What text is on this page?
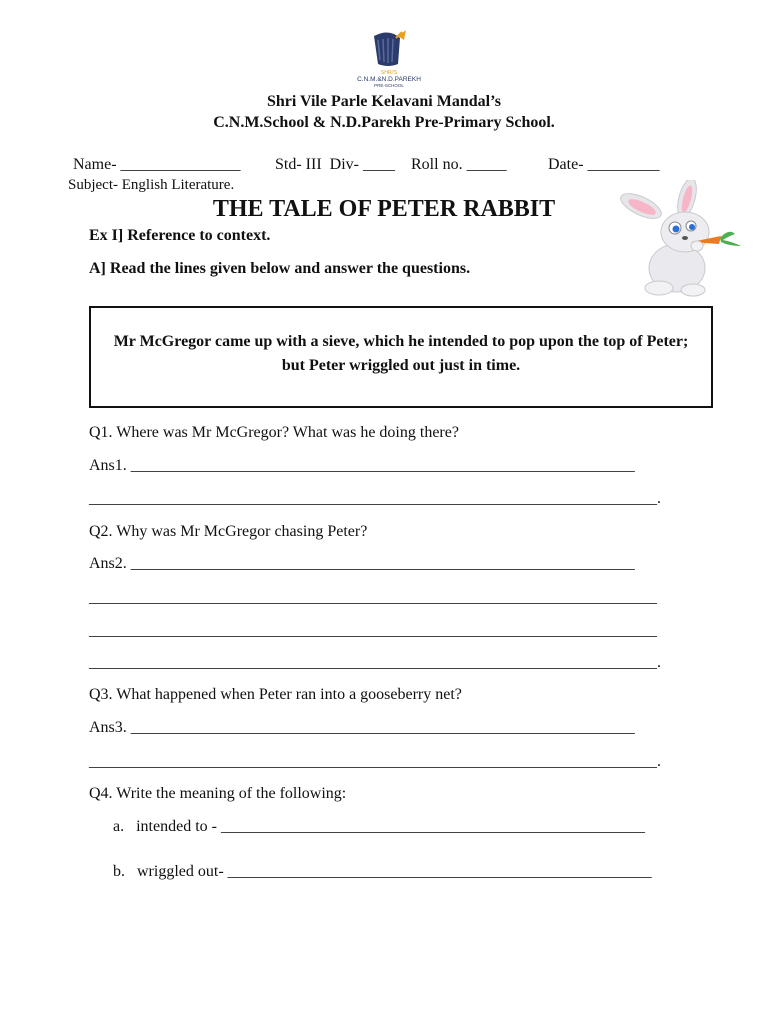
SHRI'S
C.N.M.&N.D.PAREKH
PRE-SCHOOL
Shri Vile Parle Kelavani Mandal’s
C.N.M.School & N.D.Parekh Pre-Primary School.
Name- _______________ Std- III  Div- ____ Roll no. _____	Date- _________
Subject- English Literature.
THE TALE OF PETER RABBIT
Ex I] Reference to context.
A] Read the lines given below and answer the questions.
Mr McGregor came up with a sieve, which he intended to pop upon the top of Peter; but Peter wriggled out just in time.
Q1. Where was Mr McGregor? What was he doing there?
Ans1. _______________________________________________________________
_______________________________________________________________________.
Q2. Why was Mr McGregor chasing Peter?
Ans2. _______________________________________________________________
_______________________________________________________________________
_______________________________________________________________________
_______________________________________________________________________.
Q3. What happened when Peter ran into a gooseberry net?
Ans3. _______________________________________________________________
_______________________________________________________________________.
Q4. Write the meaning of the following:
a.   intended to - _____________________________________________________
b.   wriggled out- _____________________________________________________
